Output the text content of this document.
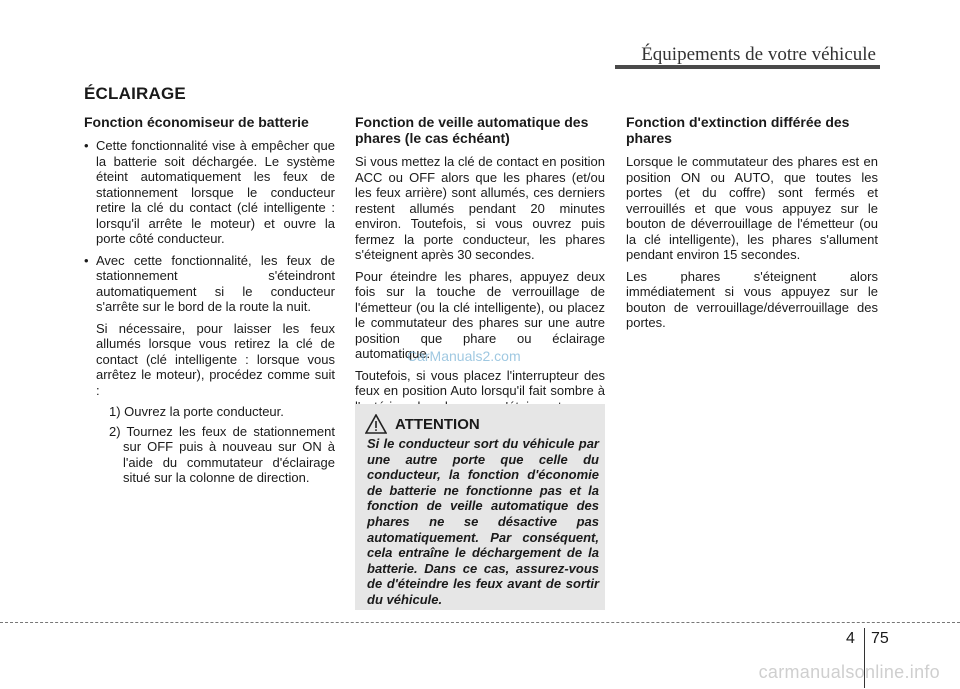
Équipements de votre véhicule
ÉCLAIRAGE
Fonction économiseur de batterie
• Cette fonctionnalité vise à empêcher que la batterie soit déchargée. Le système éteint automatiquement les feux de stationnement lorsque le conducteur retire la clé du contact (clé intelligente : lorsqu'il arrête le moteur) et ouvre la porte côté conducteur.
• Avec cette fonctionnalité, les feux de stationnement s'éteindront automatiquement si le conducteur s'arrête sur le bord de la route la nuit.
Si nécessaire, pour laisser les feux allumés lorsque vous retirez la clé de contact (clé intelligente : lorsque vous arrêtez le moteur), procédez comme suit :
1) Ouvrez la porte conducteur.
2) Tournez les feux de stationnement sur OFF puis à nouveau sur ON à l'aide du commutateur d'éclairage situé sur la colonne de direction.
Fonction de veille automatique des phares (le cas échéant)

Si vous mettez la clé de contact en position ACC ou OFF alors que les phares (et/ou les feux arrière) sont allumés, ces derniers restent allumés pendant 20 minutes environ. Toutefois, si vous ouvrez puis fermez la porte conducteur, les phares s'éteignent après 30 secondes.

Pour éteindre les phares, appuyez deux fois sur la touche de verrouillage de l'émetteur (ou la clé intelligente), ou placez le commutateur des phares sur une autre position que phare ou éclairage automatique.

Toutefois, si vous placez l'interrupteur des feux en position Auto lorsqu'il fait sombre à

CarManuals2.com
ATTENTION
Si le conducteur sort du véhicule par une autre porte que celle du conducteur, la fonction d'économie de batterie ne fonctionne pas et la fonction de veille automatique des phares ne se désactive pas automatiquement. Par conséquent, cela entraîne le déchargement de la batterie. Dans ce cas, assurez-vous de d'éteindre les feux avant de sortir du véhicule.
Fonction d'extinction différée des phares

Lorsque le commutateur des phares est en position ON ou AUTO, que toutes les portes (et du coffre) sont fermés et verrouillés et que vous appuyez sur le bouton de déverrouillage de l'émetteur (ou la clé intelligente), les phares s'allument pendant environ 15 secondes.

Les phares s'éteignent alors immédiatement si vous appuyez sur le bouton de verrouillage/déverrouillage des portes.

4 75
carmanualsonline.info
